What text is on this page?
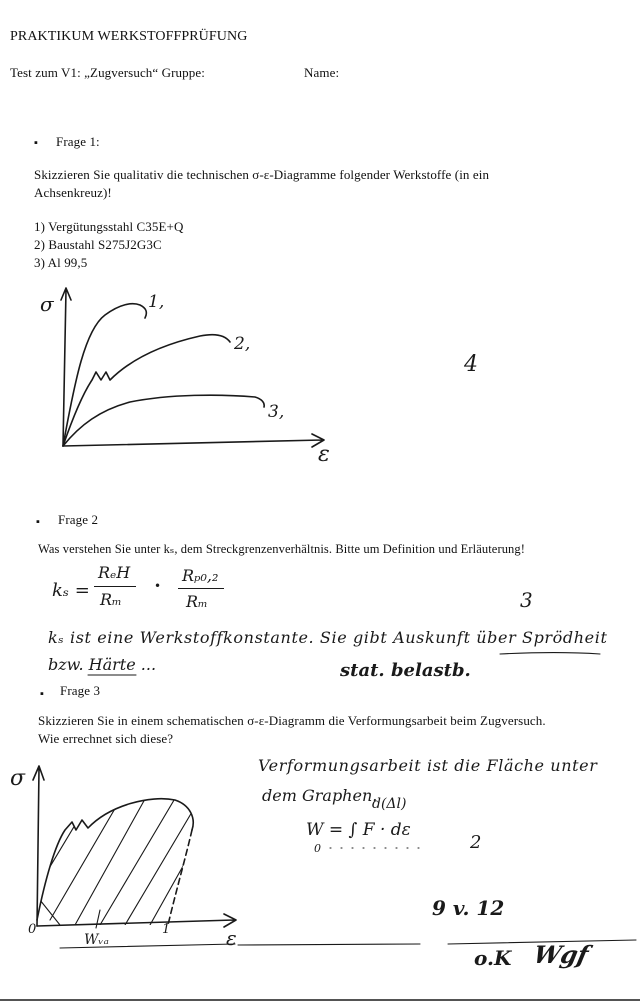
PRAKTIKUM WERKSTOFFPRÜFUNG
Test zum V1: „Zugversuch“ Gruppe:	Name:
▪ Frage 1:
Skizzieren Sie qualitativ die technischen σ-ε-Diagramme folgender Werkstoffe (in ein
Achsenkreuz)!
1) Vergütungsstahl C35E+Q
2) Baustahl S275J2G3C
3) Al 99,5
σ
ε
1,
2,
3,
4
▪ Frage 2
Was verstehen Sie unter kₛ, dem Streckgrenzenverhältnis. Bitte um Definition und Erläuterung!
kₛ =
RₑH
Rₘ
•
Rₚ₀,₂
Rₘ	3
kₛ ist eine Werkstoffkonstante. Sie gibt Auskunft über Sprödheit
bzw. Härte ...	stat. belastb.
▪ Frage 3
Skizzieren Sie in einem schematischen σ-ε-Diagramm die Verformungsarbeit beim Zugversuch.
Wie errechnet sich diese?
σ
ε
0	1
Wᵥₐ
Verformungsarbeit ist die Fläche unter
dem Graphen.
d(Δl)
W = ∫ F · dε
0	2
9 v. 12
o.K Wgf
